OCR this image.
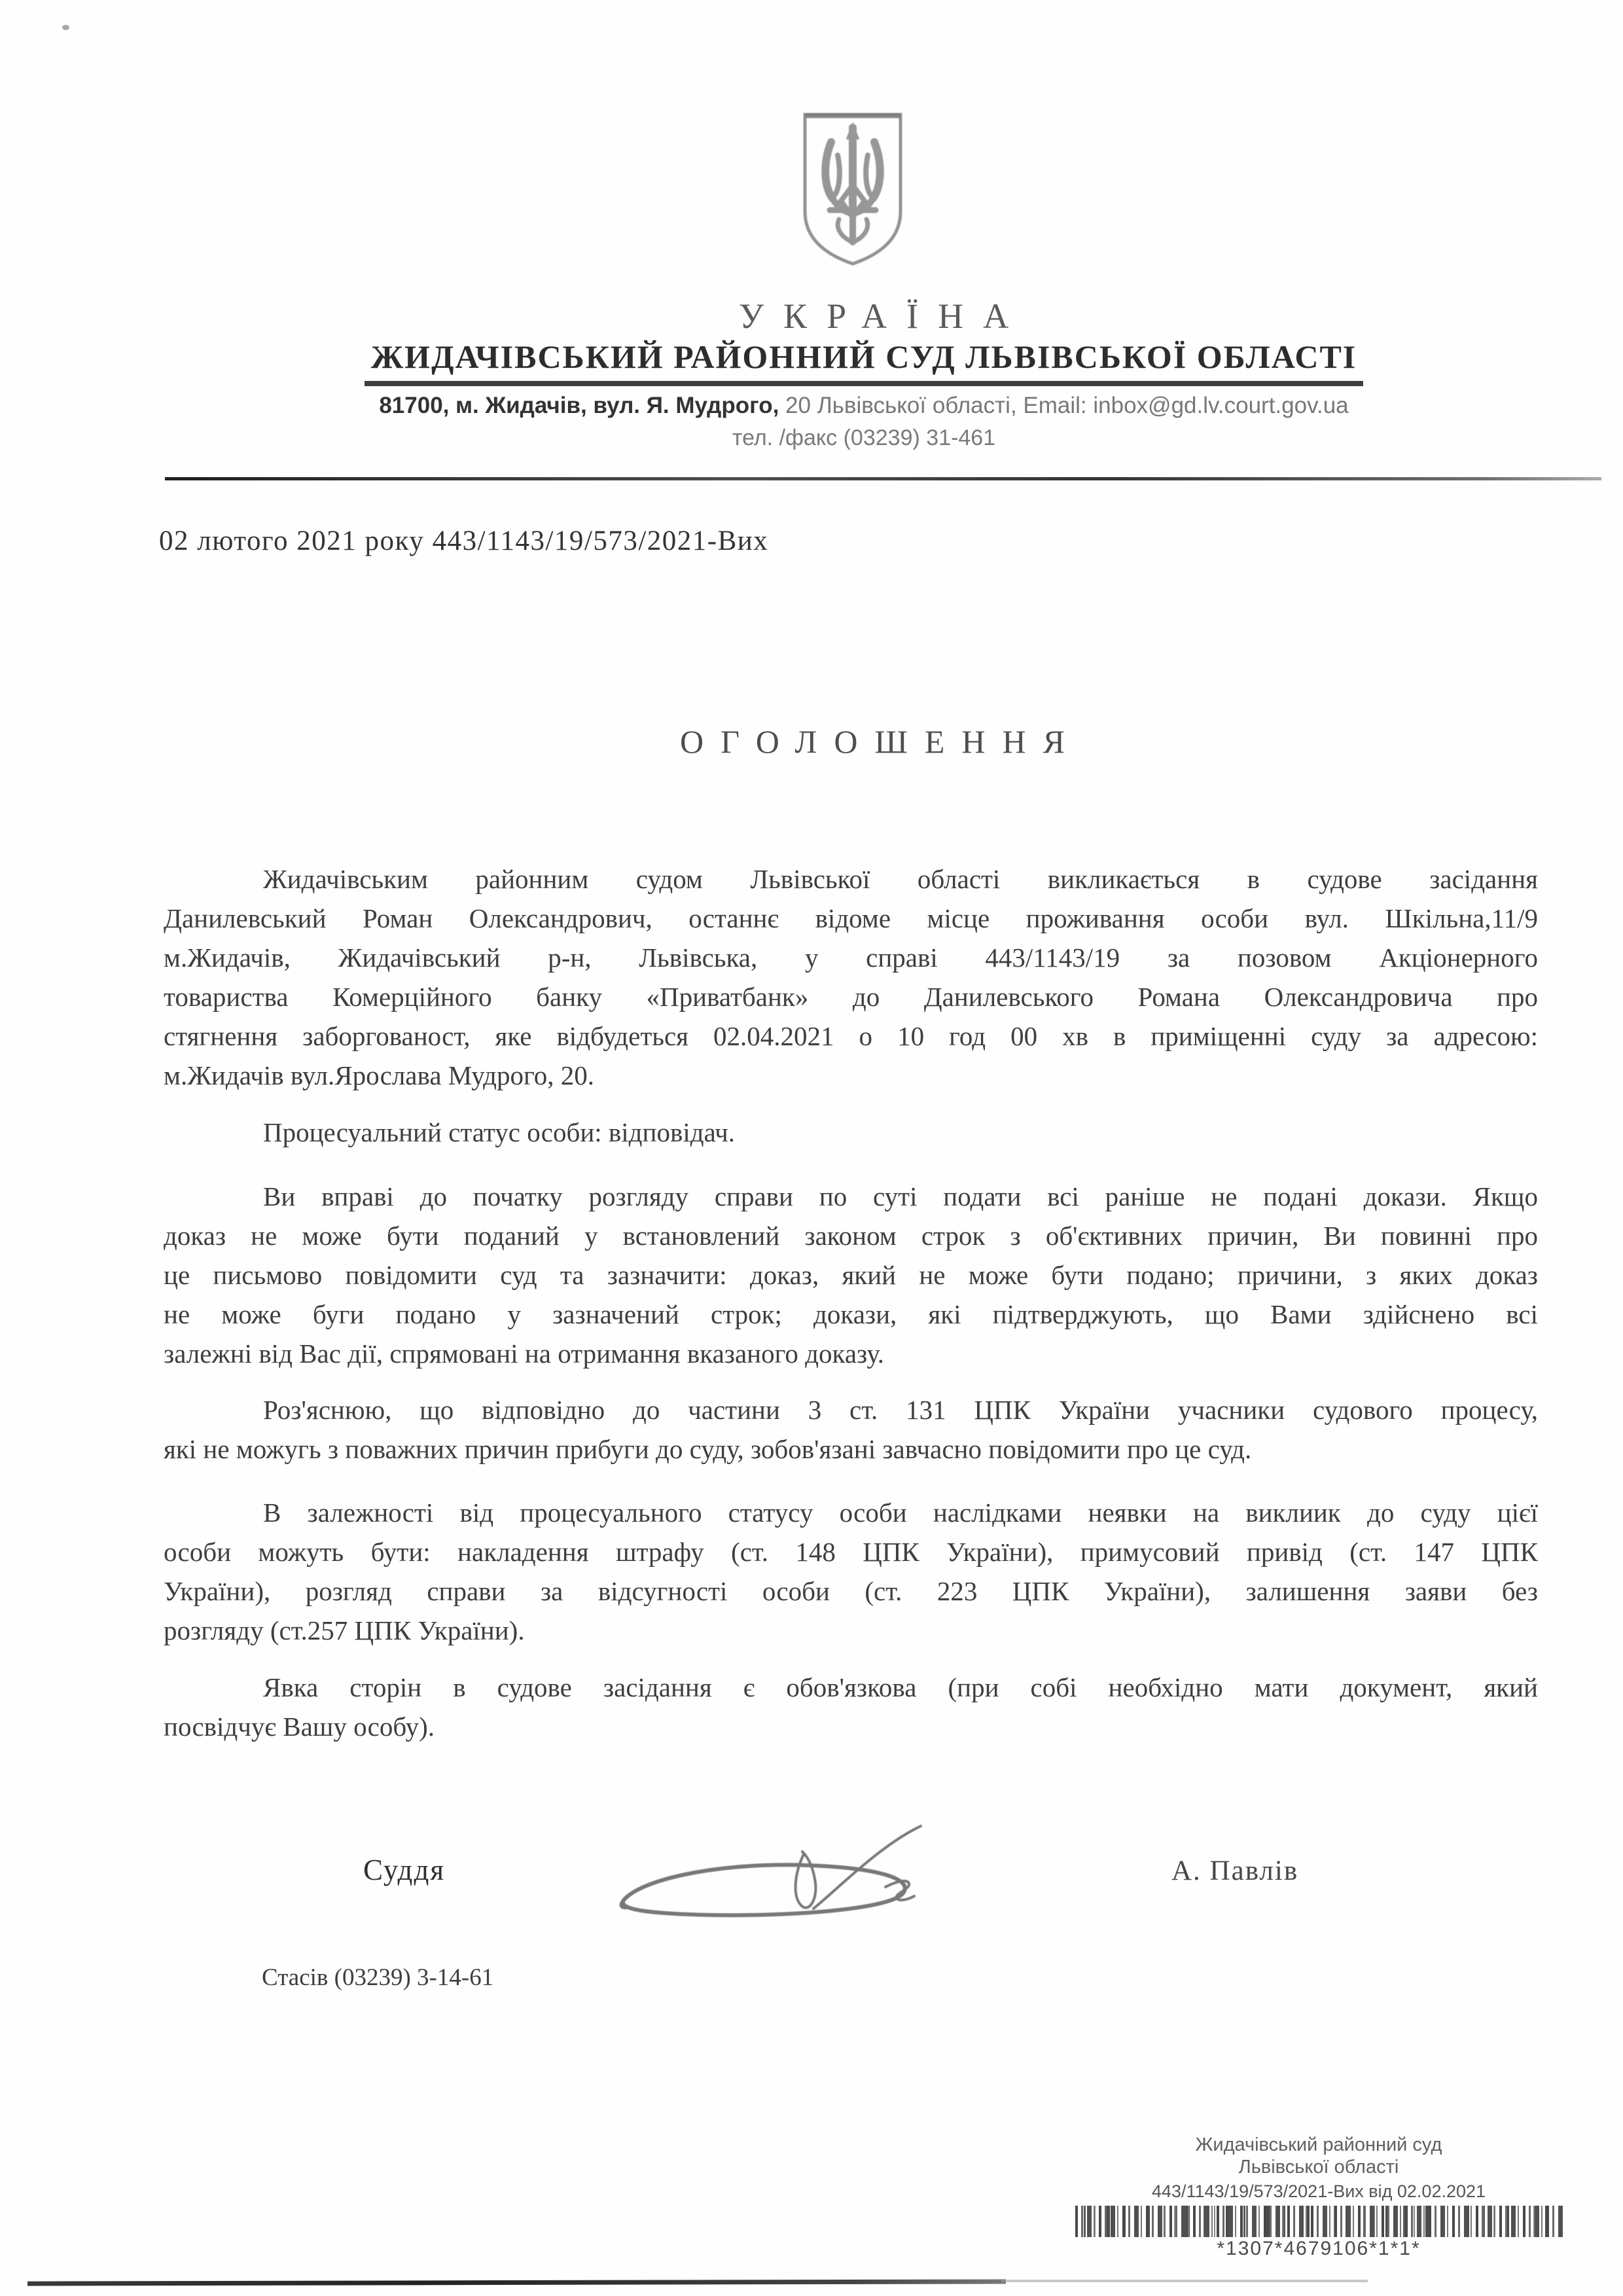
УКРАЇНА
ЖИДАЧІВСЬКИЙ РАЙОННИЙ СУД ЛЬВІВСЬКОЇ ОБЛАСТІ
81700, м. Жидачів, вул. Я. Мудрого, 20 Львівської області, Email: inbox@gd.lv.court.gov.ua
тел. /факс (03239) 31-461
02 лютого 2021 року 443/1143/19/573/2021-Вих
ОГОЛОШЕННЯ
Жидачівським районним судом Львівської області викликається в судове засідання
Данилевський Роман Олександрович, останнє відоме місце проживання особи вул. Шкільна,11/9
м.Жидачів, Жидачівський р-н, Львівська, у справі 443/1143/19 за позовом Акціонерного
товариства Комерційного банку «Приватбанк» до Данилевського Романа Олександровича про
стягнення заборгованост, яке відбудеться 02.04.2021 о 10 год 00 хв в приміщенні суду за адресою:
м.Жидачів вул.Ярослава Мудрого, 20.
Процесуальний статус особи: відповідач.
Ви вправі до початку розгляду справи по суті подати всі раніше не подані докази. Якщо
доказ не може бути поданий у встановлений законом строк з об'єктивних причин, Ви повинні про
це письмово повідомити суд та зазначити: доказ, який не може бути подано; причини, з яких доказ
не може буги подано у зазначений строк; докази, які підтверджують, що Вами здійснено всі
залежні від Вас дії, спрямовані на отримання вказаного доказу.
Роз'яснюю, що відповідно до частини 3 ст. 131 ЦПК України учасники судового процесу,
які не можугь з поважних причин прибуги до суду, зобов'язані завчасно повідомити про це суд.
В залежності від процесуального статусу особи наслідками неявки на виклиик до суду цієї
особи можуть бути: накладення штрафу (ст. 148 ЦПК України), примусовий привід (ст. 147 ЦПК
України), розгляд справи за відсугності особи (ст. 223 ЦПК України), залишення заяви без
розгляду (ст.257 ЦПК України).
Явка сторін в судове засідання є обов'язкова (при собі необхідно мати документ, який
посвідчує Вашу особу).
Суддя	А. Павлів
Стасів (03239) 3-14-61
Жидачівський районний суд
Львівської області
443/1143/19/573/2021-Вих від 02.02.2021
*1307*4679106*1*1*
